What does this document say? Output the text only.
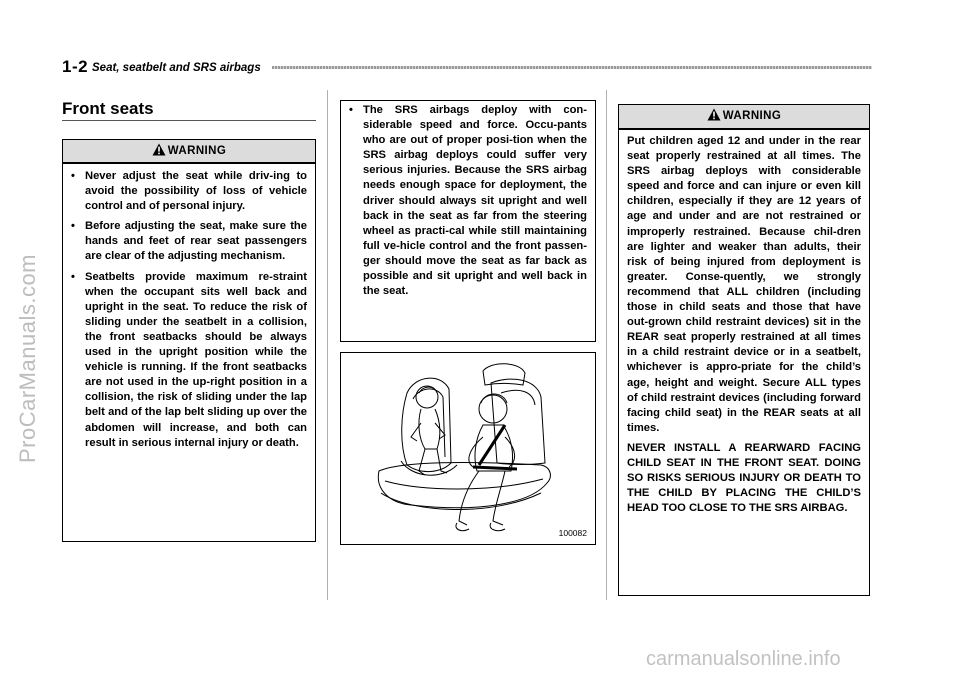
1-2 Seat, seatbelt and SRS airbags
ProCarManuals.com
carmanualsonline.info
Front seats
WARNING
• Never adjust the seat while driv-ing to avoid the possibility of loss of vehicle control and of personal injury.
• Before adjusting the seat, make sure the hands and feet of rear seat passengers are clear of the adjusting mechanism.
• Seatbelts provide maximum re-straint when the occupant sits well back and upright in the seat. To reduce the risk of sliding under the seatbelt in a collision, the front seatbacks should be always used in the upright position while the vehicle is running. If the front seatbacks are not used in the up-right position in a collision, the risk of sliding under the lap belt and of the lap belt sliding up over the abdomen will increase, and both can result in serious internal injury or death.
• The SRS airbags deploy with con-siderable speed and force. Occu-pants who are out of proper posi-tion when the SRS airbag deploys could suffer very serious injuries. Because the SRS airbag needs enough space for deployment, the driver should always sit upright and well back in the seat as far from the steering wheel as practi-cal while still maintaining full ve-hicle control and the front passen-ger should move the seat as far back as possible and sit upright and well back in the seat.
100082
WARNING

Put children aged 12 and under in the rear seat properly restrained at all times. The SRS airbag deploys with considerable speed and force and can injure or even kill children, especially if they are 12 years of age and under and are not restrained or improperly restrained. Because chil-dren are lighter and weaker than adults, their risk of being injured from deployment is greater. Conse-quently, we strongly recommend that ALL children (including those in child seats and those that have out-grown child restraint devices) sit in the REAR seat properly restrained at all times in a child restraint device or in a seatbelt, whichever is appro-priate for the child’s age, height and weight. Secure ALL types of child restraint devices (including forward facing child seat) in the REAR seats at all times.

NEVER INSTALL A REARWARD FACING CHILD SEAT IN THE FRONT SEAT. DOING SO RISKS SERIOUS INJURY OR DEATH TO THE CHILD BY PLACING THE CHILD’S HEAD TOO CLOSE TO THE SRS AIRBAG.
